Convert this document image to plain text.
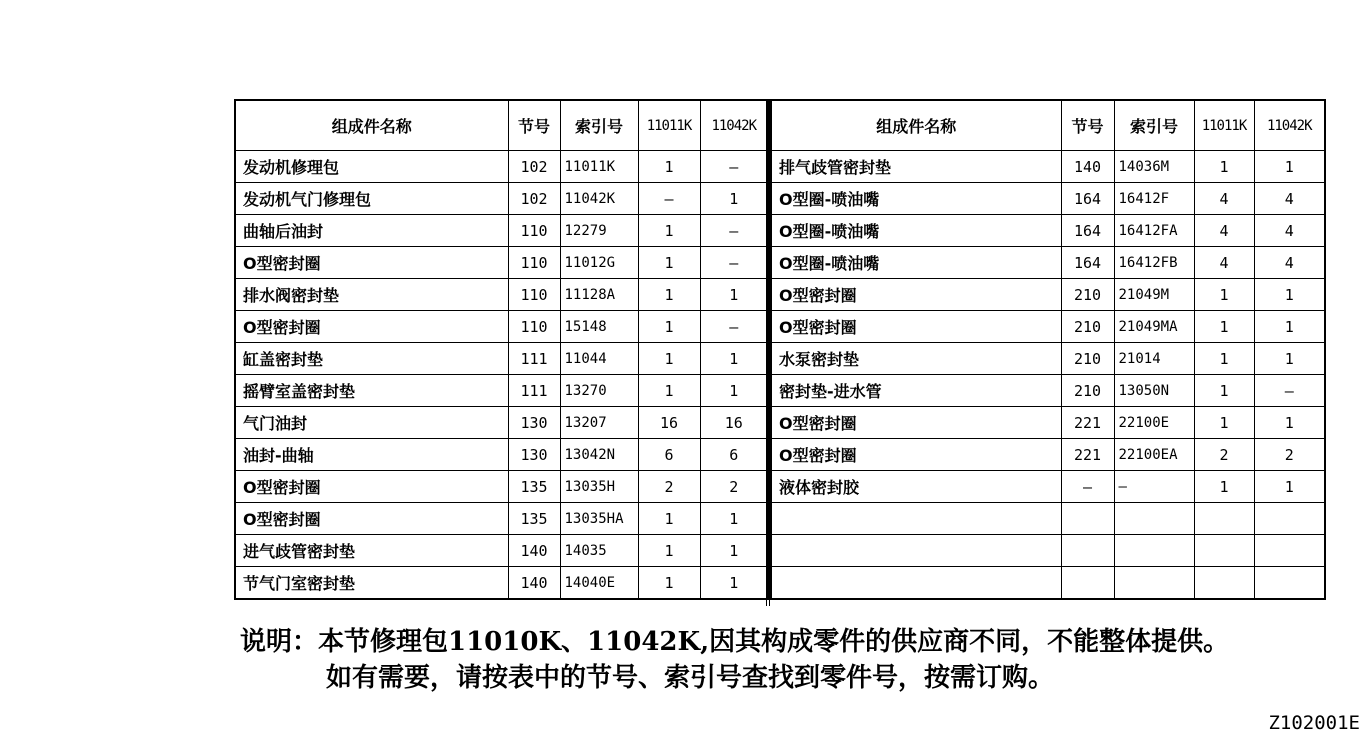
组成件名称	节号	索引号	11011K	11042K
发动机修理包	102	11011K	1	–
发动机气门修理包	102	11042K	–	1
曲轴后油封	110	12279	1	–
O型密封圈	110	11012G	1	–
排水阀密封垫	110	11128A	1	1
O型密封圈	110	15148	1	–
缸盖密封垫	111	11044	1	1
摇臂室盖密封垫	111	13270	1	1
气门油封	130	13207	16	16
油封-曲轴	130	13042N	6	6
O型密封圈	135	13035H	2	2
O型密封圈	135	13035HA	1	1
进气歧管密封垫	140	14035	1	1
节气门室密封垫	140	14040E	1	1
组成件名称	节号	索引号	11011K	11042K
排气歧管密封垫	140	14036M	1	1
O型圈-喷油嘴	164	16412F	4	4
O型圈-喷油嘴	164	16412FA	4	4
O型圈-喷油嘴	164	16412FB	4	4
O型密封圈	210	21049M	1	1
O型密封圈	210	21049MA	1	1
水泵密封垫	210	21014	1	1
密封垫-进水管	210	13050N	1	–
O型密封圈	221	22100E	1	1
O型密封圈	221	22100EA	2	2
液体密封胶	–	–	1	1

说明：本节修理包11010K、11042K,因其构成零件的供应商不同，不能整体提供。
如有需要，请按表中的节号、索引号查找到零件号，按需订购。
Z102001E
